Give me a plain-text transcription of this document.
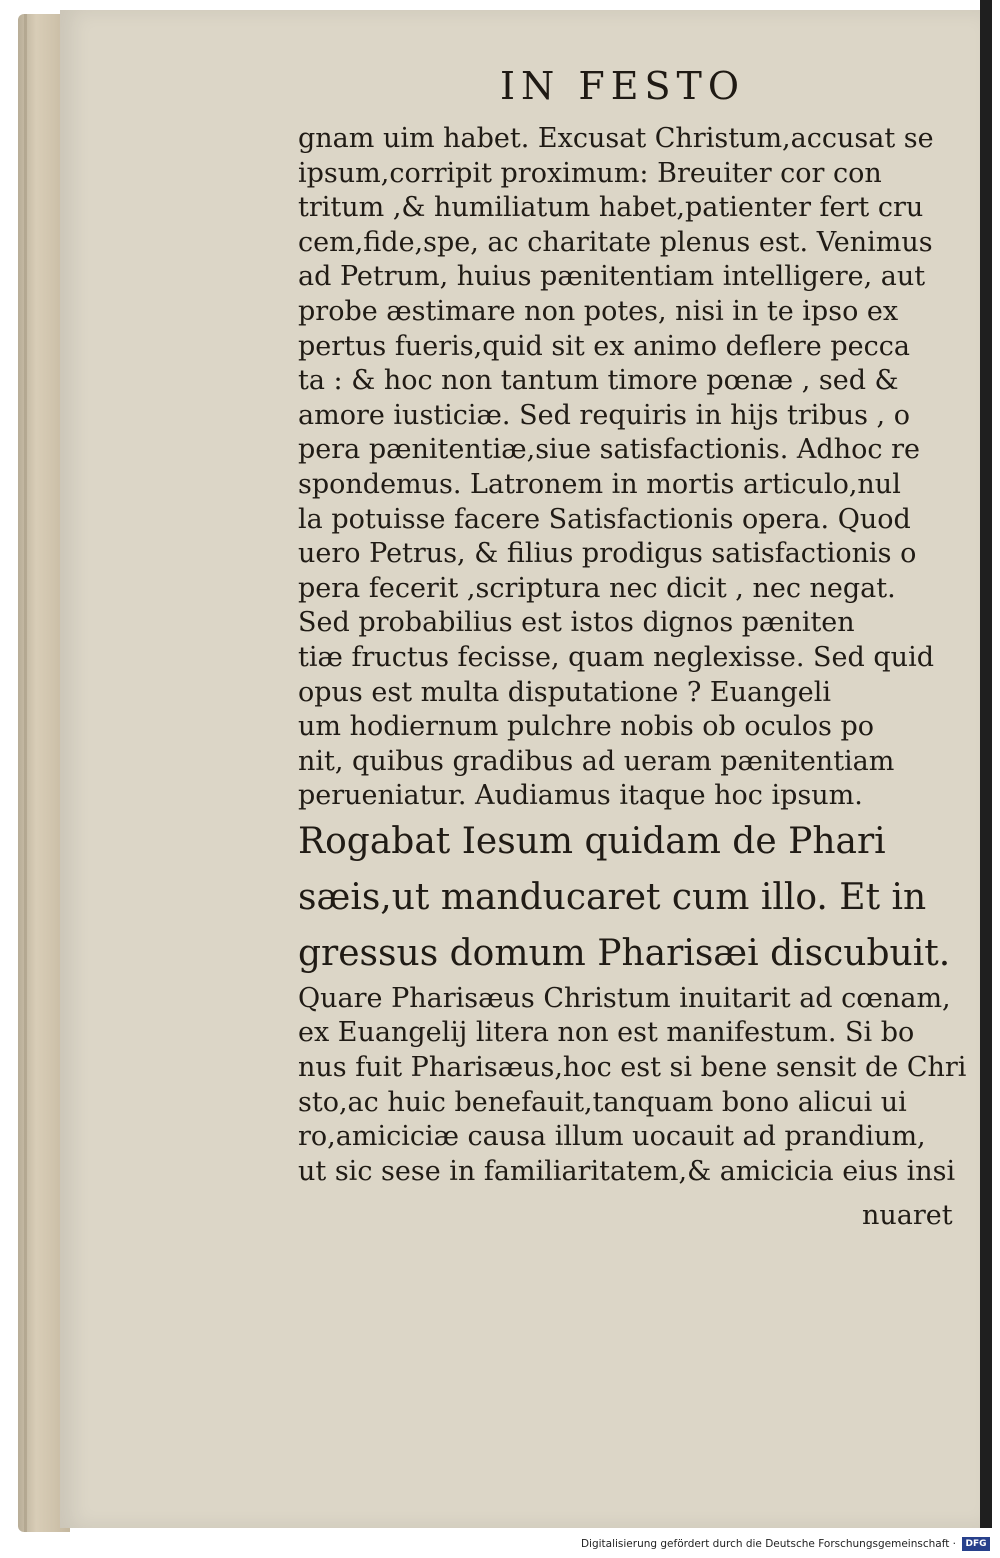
IN FESTO
gnam uim habet. Excusat Christum,accusat se
ipsum,corripit proximum: Breuiter cor con
tritum ,& humiliatum habet,patienter fert cru
cem,fide,spe, ac charitate plenus est. Venimus
ad Petrum, huius pænitentiam intelligere, aut
probe æstimare non potes, nisi in te ipso ex
pertus fueris,quid sit ex animo deflere pecca
ta : & hoc non tantum timore pœnæ , sed &
amore iusticiæ. Sed requiris in hijs tribus , o
pera pænitentiæ,siue satisfactionis. Adhoc re
spondemus. Latronem in mortis articulo,nul
la potuisse facere Satisfactionis opera. Quod
uero Petrus, & filius prodigus satisfactionis o
pera fecerit ,scriptura nec dicit , nec negat.
Sed probabilius est istos dignos pæniten
tiæ fructus fecisse, quam neglexisse. Sed quid
opus est multa disputatione ? Euangeli
um hodiernum pulchre nobis ob oculos po
nit, quibus gradibus ad ueram pænitentiam
perueniatur. Audiamus itaque hoc ipsum.
Rogabat Iesum quidam de Phari
sæis,ut manducaret cum illo. Et in
gressus domum Pharisæi discubuit.
Quare Pharisæus Christum inuitarit ad cœnam,
ex Euangelij litera non est manifestum. Si bo
nus fuit Pharisæus,hoc est si bene sensit de Chri
sto,ac huic benefauit,tanquam bono alicui ui
ro,amiciciæ causa illum uocauit ad prandium,
ut sic sese in familiaritatem,& amicicia eius insi
nuaret
Digitalisierung gefördert durch die Deutsche Forschungsgemeinschaft ·	DFG
